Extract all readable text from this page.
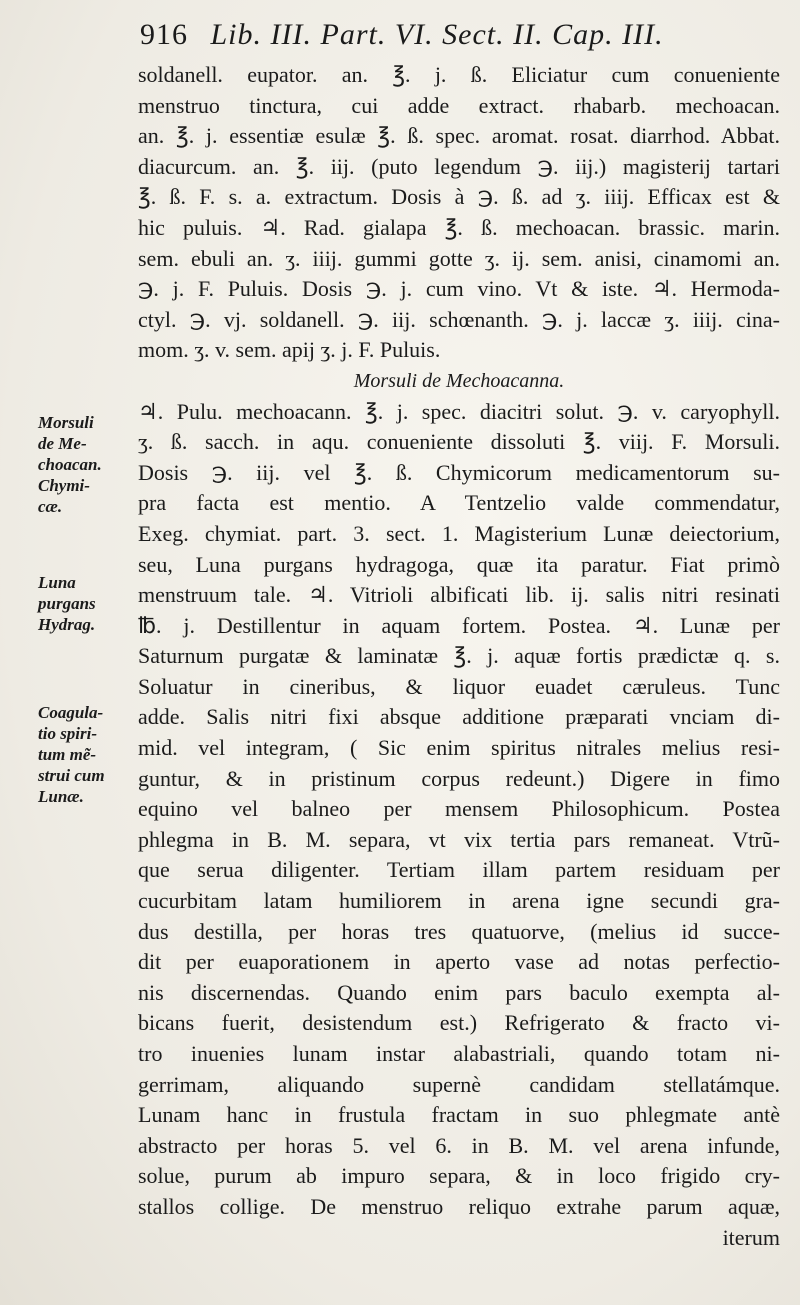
916 Lib. III. Part. VI. Sect. II. Cap. III.
soldanell. eupator. an. ℥. j. ß. Eliciatur cum conueniente
menstruo tinctura, cui adde extract. rhabarb. mechoacan.
an. ℥. j. essentiæ esulæ ℥. ß. spec. aromat. rosat. diarrhod. Abbat.
diacurcum. an. ℥. iij. (puto legendum ℈. iij.) magisterij tartari
℥. ß. F. s. a. extractum. Dosis à ℈. ß. ad ʒ. iiij. Efficax est &
hic puluis. ♃. Rad. gialapa ℥. ß. mechoacan. brassic. marin.
sem. ebuli an. ʒ. iiij. gummi gotte ʒ. ij. sem. anisi, cinamomi an.
℈. j. F. Puluis. Dosis ℈. j. cum vino. Vt & iste. ♃. Hermoda-
ctyl. ℈. vj. soldanell. ℈. iij. schœnanth. ℈. j. laccæ ʒ. iiij. cina-
mom. ʒ. v. sem. apij ʒ. j. F. Puluis.
Morsuli de Mechoacanna.
♃. Pulu. mechoacann. ℥. j. spec. diacitri solut. ℈. v. caryophyll.
ʒ. ß. sacch. in aqu. conueniente dissoluti ℥. viij. F. Morsuli.
Dosis ℈. iij. vel ℥. ß. Chymicorum medicamentorum su-
pra facta est mentio. A Tentzelio valde commendatur,
Exeg. chymiat. part. 3. sect. 1. Magisterium Lunæ deiectorium,
seu, Luna purgans hydragoga, quæ ita paratur. Fiat primò
menstruum tale. ♃. Vitrioli albificati lib. ij. salis nitri resinati
℔. j. Destillentur in aquam fortem. Postea. ♃. Lunæ per
Saturnum purgatæ & laminatæ ℥. j. aquæ fortis prædictæ q. s.
Soluatur in cineribus, & liquor euadet cæruleus. Tunc
adde. Salis nitri fixi absque additione præparati vnciam di-
mid. vel integram, ( Sic enim spiritus nitrales melius resi-
guntur, & in pristinum corpus redeunt.) Digere in fimo
equino vel balneo per mensem Philosophicum. Postea
phlegma in B. M. separa, vt vix tertia pars remaneat. Vtrũ-
que serua diligenter. Tertiam illam partem residuam per
cucurbitam latam humiliorem in arena igne secundi gra-
dus destilla, per horas tres quatuorve, (melius id succe-
dit per euaporationem in aperto vase ad notas perfectio-
nis discernendas. Quando enim pars baculo exempta al-
bicans fuerit, desistendum est.) Refrigerato & fracto vi-
tro inuenies lunam instar alabastriali, quando totam ni-
gerrimam, aliquando supernè candidam stellatámque.
Lunam hanc in frustula fractam in suo phlegmate antè
abstracto per horas 5. vel 6. in B. M. vel arena infunde,
solue, purum ab impuro separa, & in loco frigido cry-
stallos collige. De menstruo reliquo extrahe parum aquæ,
iterum
Morsuli
de Me-
choacan.
Chymi-
cæ.
Luna
purgans
Hydrag.
Coagula-
tio spiri-
tum mẽ-
strui cum
Lunæ.
